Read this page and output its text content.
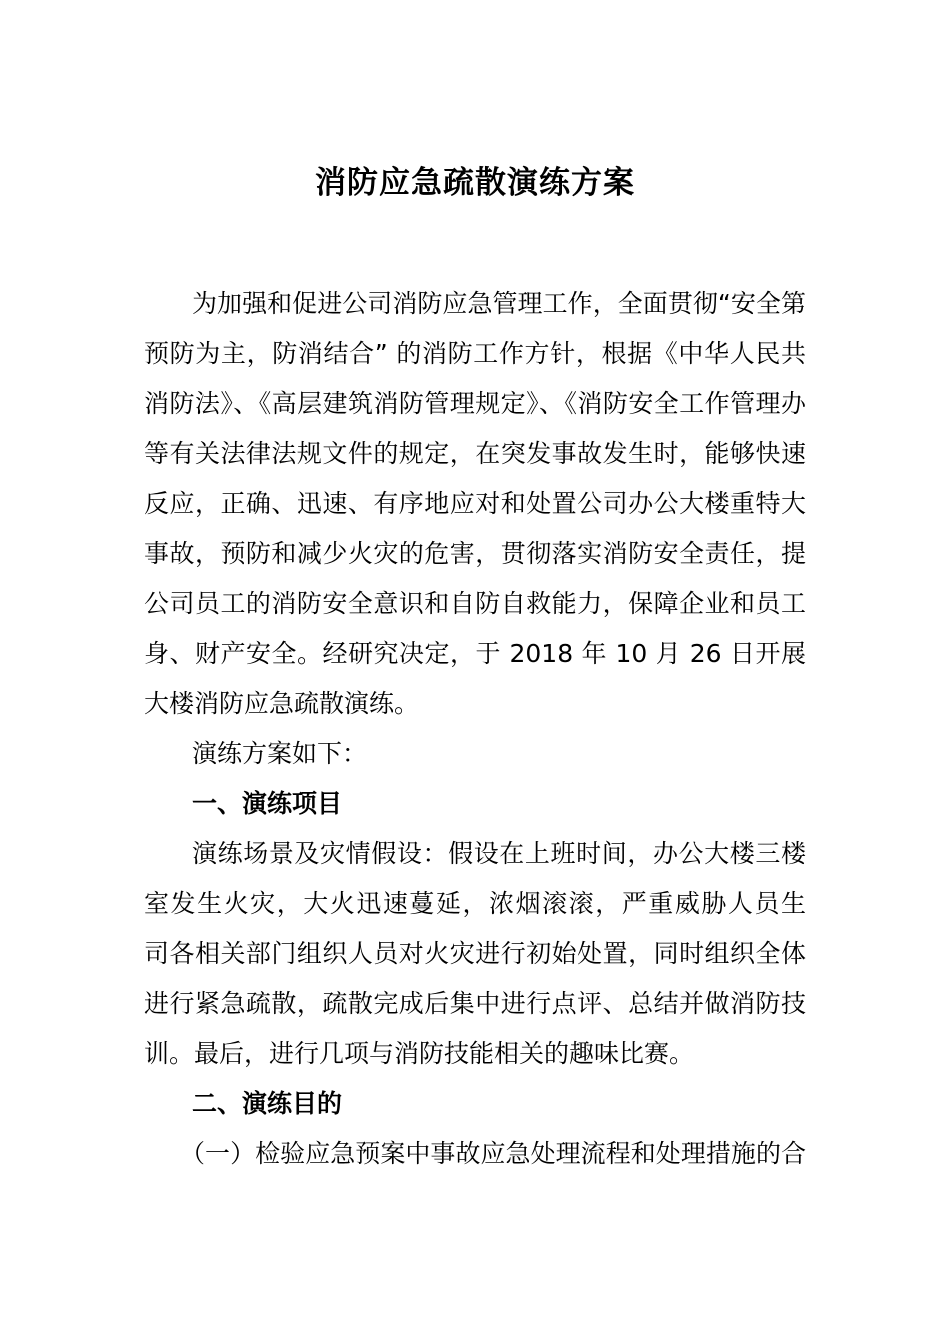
消防应急疏散演练方案
为加强和促进公司消防应急管理工作，全面贯彻“安全第
预防为主，防消结合” 的消防工作方针，根据《中华人民共
消防法》、《高层建筑消防管理规定》、《消防安全工作管理办
等有关法律法规文件的规定，在突发事故发生时，能够快速
反应，正确、迅速、有序地应对和处置公司办公大楼重特大
事故，预防和减少火灾的危害，贯彻落实消防安全责任，提
公司员工的消防安全意识和自防自救能力，保障企业和员工
身、财产安全。经研究决定，于 2018 年 10 月 26 日开展
大楼消防应急疏散演练。
演练方案如下：
一、演练项目
演练场景及灾情假设：假设在上班时间，办公大楼三楼
室发生火灾，大火迅速蔓延，浓烟滚滚，严重威胁人员生
司各相关部门组织人员对火灾进行初始处置，同时组织全体
进行紧急疏散，疏散完成后集中进行点评、总结并做消防技
训。最后，进行几项与消防技能相关的趣味比赛。
二、演练目的
（一）检验应急预案中事故应急处理流程和处理措施的合
